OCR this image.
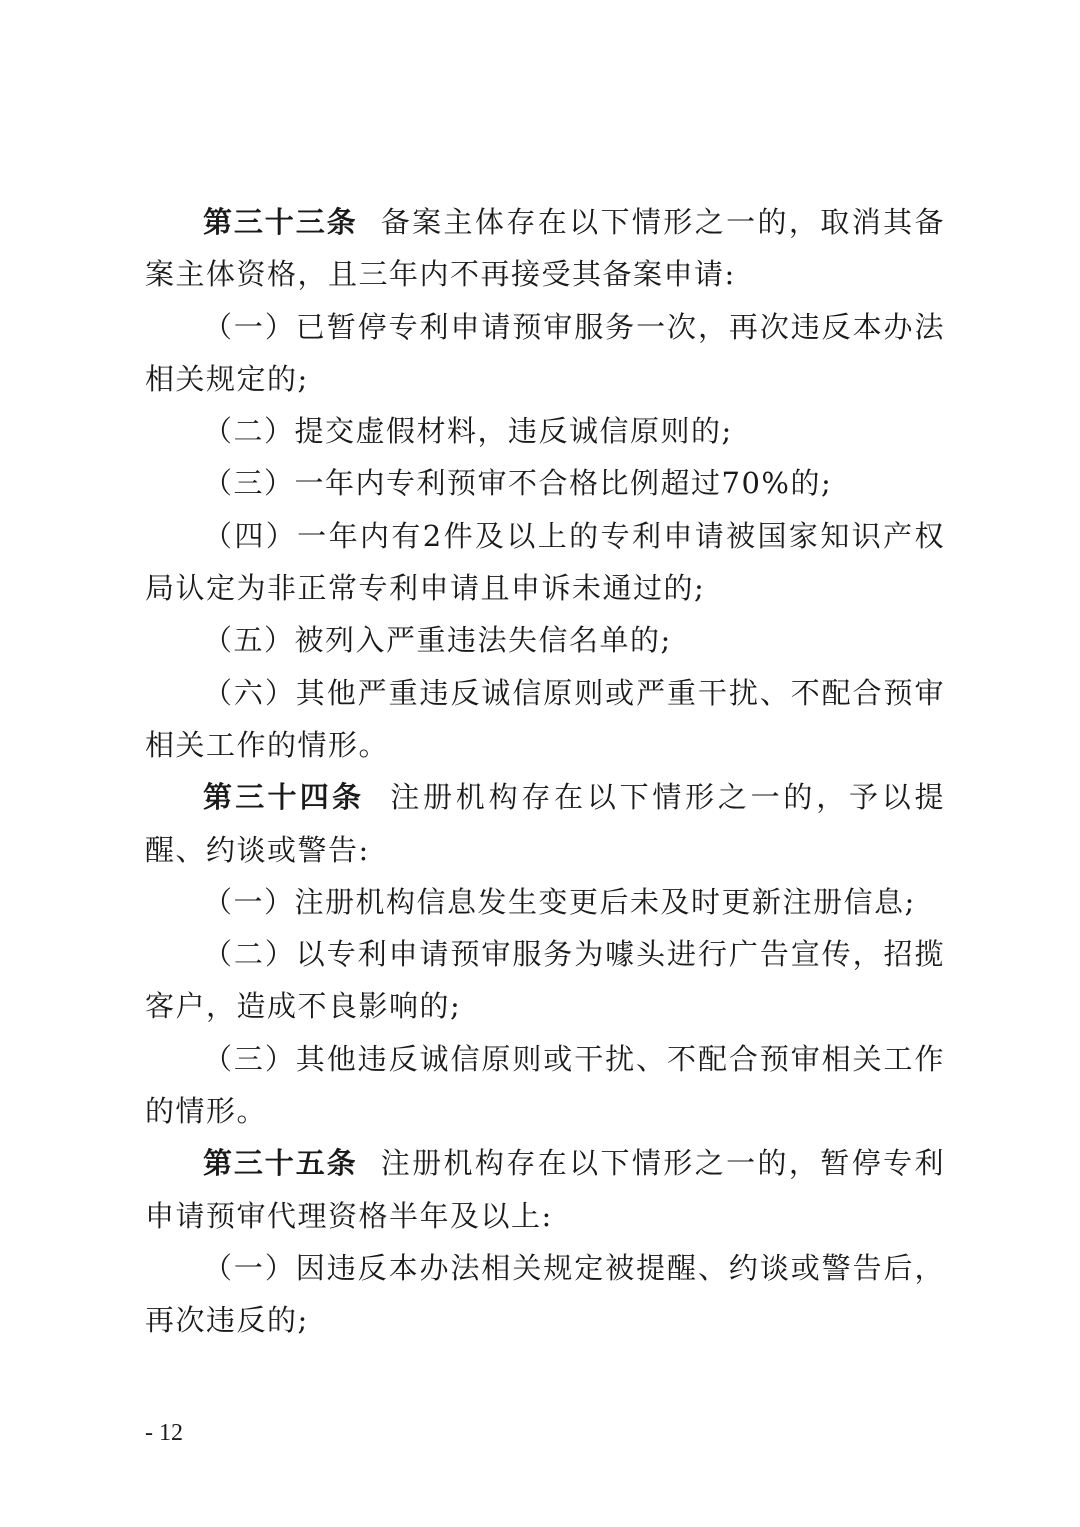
第三十三条 备案主体存在以下情形之一的，取消其备案主体资格，且三年内不再接受其备案申请:

（一）已暂停专利申请预审服务一次，再次违反本办法相关规定的;

（二）提交虚假材料，违反诚信原则的;

（三）一年内专利预审不合格比例超过70%的;

（四）一年内有2件及以上的专利申请被国家知识产权局认定为非正常专利申请且申诉未通过的;

（五）被列入严重违法失信名单的;

（六）其他严重违反诚信原则或严重干扰、不配合预审相关工作的情形。

第三十四条 注册机构存在以下情形之一的，予以提醒、约谈或警告:

（一）注册机构信息发生变更后未及时更新注册信息;

（二）以专利申请预审服务为噱头进行广告宣传，招揽客户，造成不良影响的;

（三）其他违反诚信原则或干扰、不配合预审相关工作的情形。

第三十五条 注册机构存在以下情形之一的，暂停专利申请预审代理资格半年及以上:

（一）因违反本办法相关规定被提醒、约谈或警告后，再次违反的;

- 12
